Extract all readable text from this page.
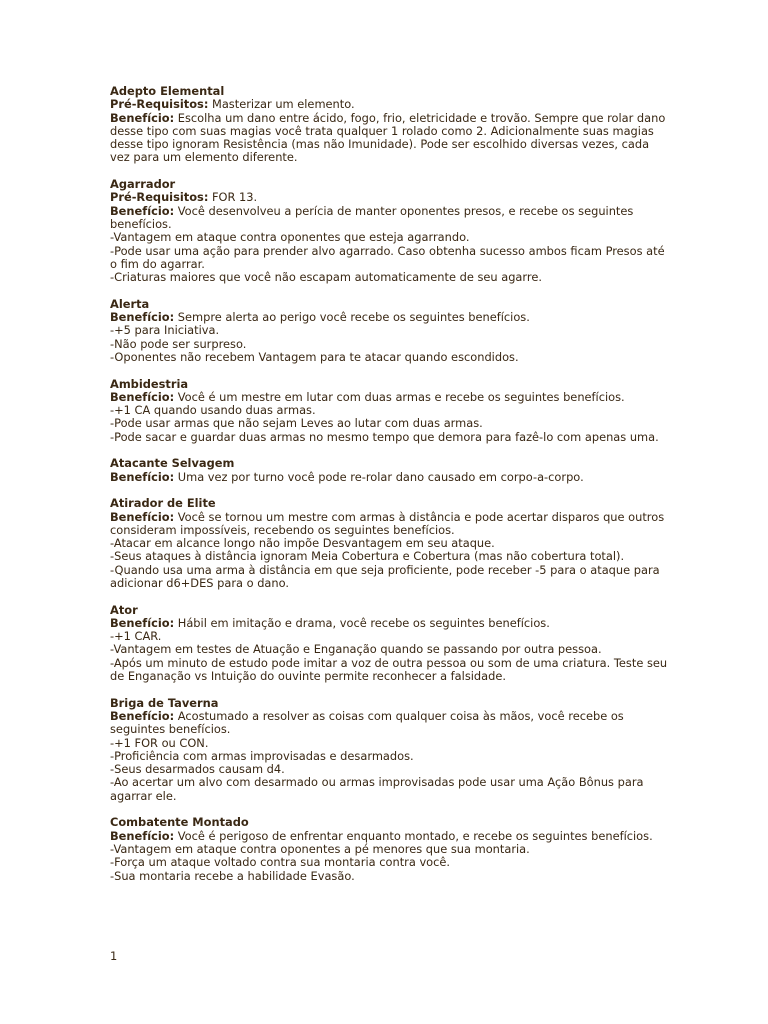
Adepto Elemental
Pré-Requisitos: Masterizar um elemento.
Benefício: Escolha um dano entre ácido, fogo, frio, eletricidade e trovão. Sempre que rolar dano desse tipo com suas magias você trata qualquer 1 rolado como 2. Adicionalmente suas magias desse tipo ignoram Resistência (mas não Imunidade). Pode ser escolhido diversas vezes, cada vez para um elemento diferente.
Agarrador
Pré-Requisitos: FOR 13.
Benefício: Você desenvolveu a perícia de manter oponentes presos, e recebe os seguintes benefícios.
-Vantagem em ataque contra oponentes que esteja agarrando.
-Pode usar uma ação para prender alvo agarrado. Caso obtenha sucesso ambos ficam Presos até o fim do agarrar.
-Criaturas maiores que você não escapam automaticamente de seu agarre.
Alerta
Benefício: Sempre alerta ao perigo você recebe os seguintes benefícios.
-+5 para Iniciativa.
-Não pode ser surpreso.
-Oponentes não recebem Vantagem para te atacar quando escondidos.
Ambidestria
Benefício: Você é um mestre em lutar com duas armas e recebe os seguintes benefícios.
-+1 CA quando usando duas armas.
-Pode usar armas que não sejam Leves ao lutar com duas armas.
-Pode sacar e guardar duas armas no mesmo tempo que demora para fazê-lo com apenas uma.
Atacante Selvagem
Benefício: Uma vez por turno você pode re-rolar dano causado em corpo-a-corpo.
Atirador de Elite
Benefício: Você se tornou um mestre com armas à distância e pode acertar disparos que outros consideram impossíveis, recebendo os seguintes benefícios.
-Atacar em alcance longo não impõe Desvantagem em seu ataque.
-Seus ataques à distância ignoram Meia Cobertura e Cobertura (mas não cobertura total).
-Quando usa uma arma à distância em que seja proficiente, pode receber -5 para o ataque para adicionar d6+DES para o dano.
Ator
Benefício: Hábil em imitação e drama, você recebe os seguintes benefícios.
-+1 CAR.
-Vantagem em testes de Atuação e Enganação quando se passando por outra pessoa.
-Após um minuto de estudo pode imitar a voz de outra pessoa ou som de uma criatura. Teste seu de Enganação vs Intuição do ouvinte permite reconhecer a falsidade.
Briga de Taverna
Benefício: Acostumado a resolver as coisas com qualquer coisa às mãos, você recebe os seguintes benefícios.
-+1 FOR ou CON.
-Proficiência com armas improvisadas e desarmados.
-Seus desarmados causam d4.
-Ao acertar um alvo com desarmado ou armas improvisadas pode usar uma Ação Bônus para agarrar ele.
Combatente Montado
Benefício: Você é perigoso de enfrentar enquanto montado, e recebe os seguintes benefícios.
-Vantagem em ataque contra oponentes a pé menores que sua montaria.
-Força um ataque voltado contra sua montaria contra você.
-Sua montaria recebe a habilidade Evasão.
1
